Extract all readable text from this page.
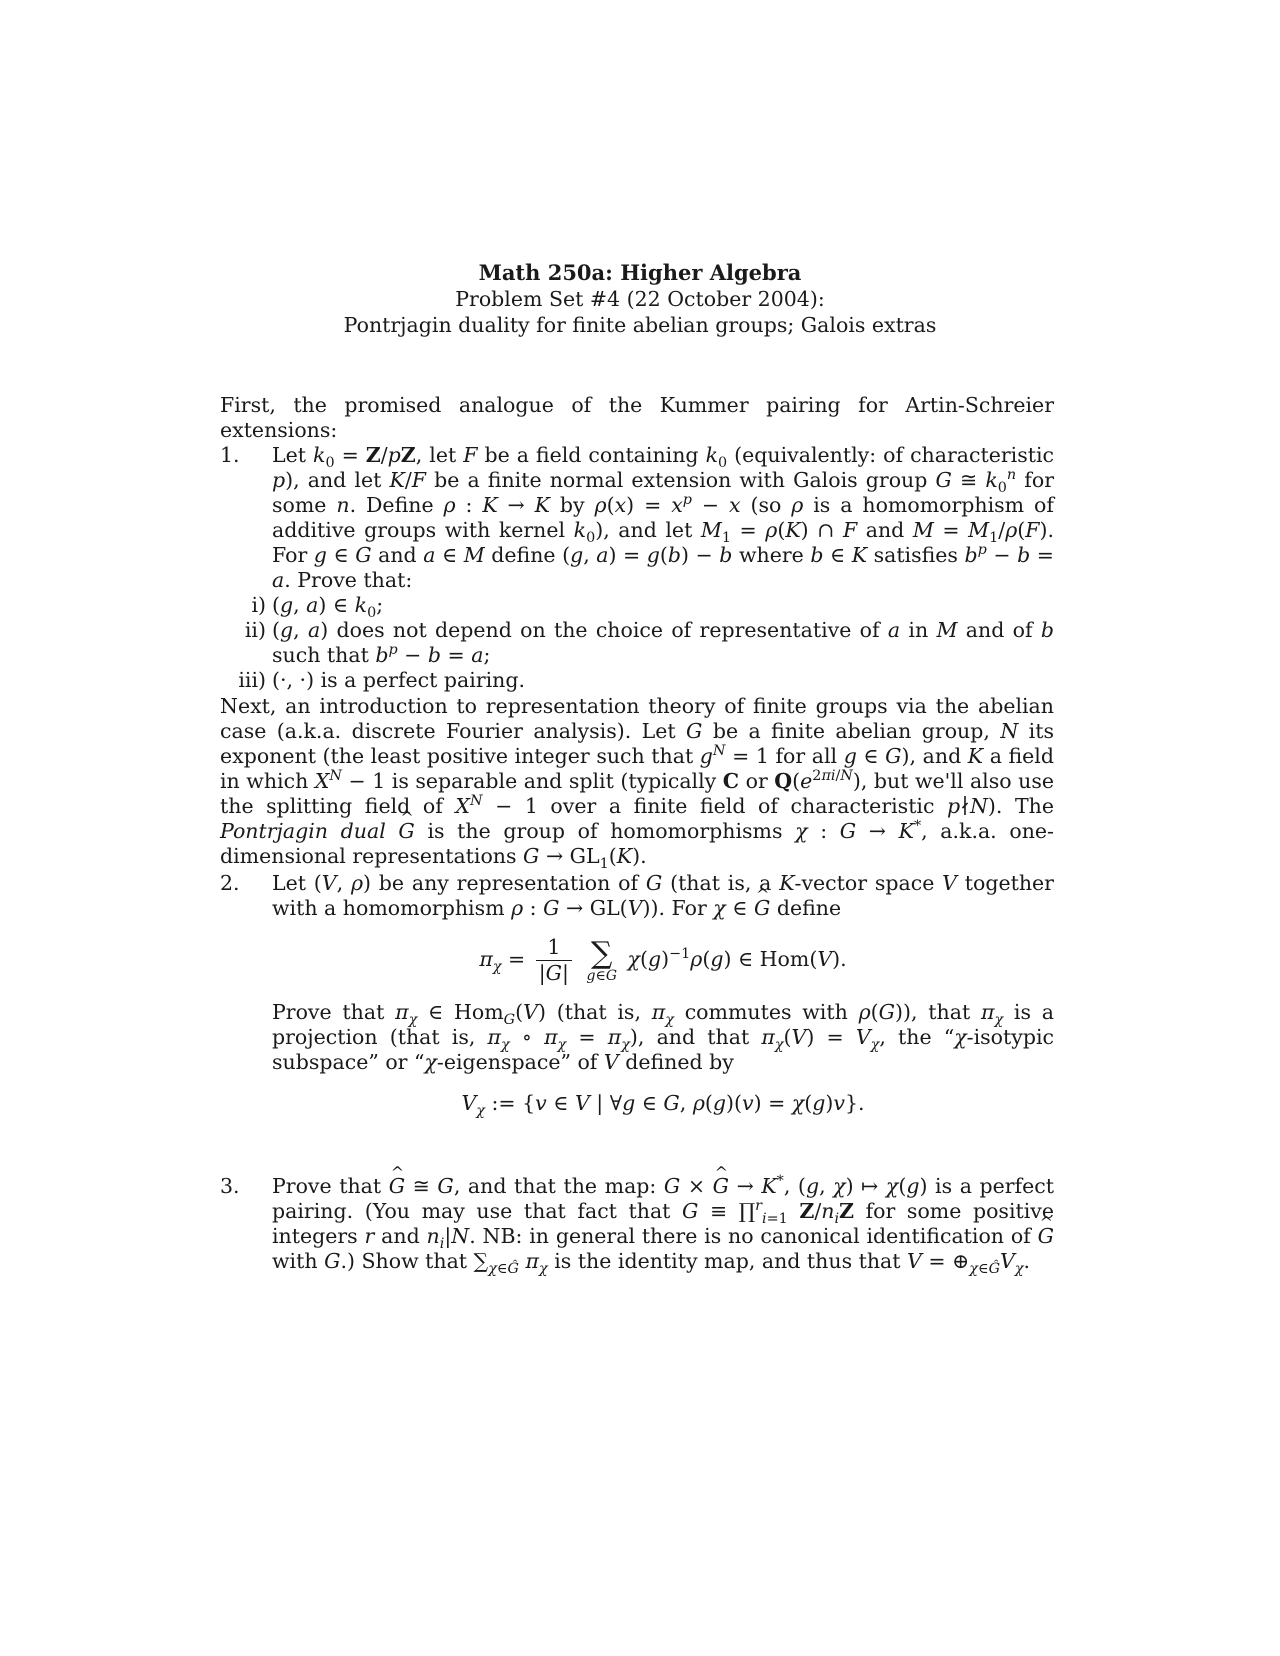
Math 250a: Higher Algebra

Problem Set #4 (22 October 2004):

Pontrjagin duality for finite abelian groups; Galois extras

First, the promised analogue of the Kummer pairing for Artin-Schreier extensions:

1. Let $k_0 = Z/pZ$, let F be a field containing $k_0$ (equivalently: of characteristic p), and let K/F be a finite normal extension with Galois group G ≅ $k_0^n$ for some n. Define ρ : K → K by $\rho(x) = x^p - x$ (so ρ is a homomorphism of additive groups with kernel $k_0$), and let $M_1 = \rho(K)$ ∩ F and $M = M_1/\rho(F)$. For g ∈ G and a ∈ M define (g, a) = g(b) − b where b ∈ K satisfies $b^p - b = a$. Prove that:
i) (g, a) ∈ $k_0$;
ii) (g, a) does not depend on the choice of representative of a in M and of b such that $b^p - b = a$;
iii) (·, ·) is a perfect pairing.

Next, an introduction to representation theory of finite groups via the abelian case (a.k.a. discrete Fourier analysis). Let G be a finite abelian group, N its exponent (the least positive integer such that $g^N = 1$ for all g ∈ G), and K a field in which $X^N - 1$ is separable and split (typically C or $Q(e^{2\pi i/N})$, but we'll also use the splitting field of $X^N - 1$ over a finite field of characteristic p∤N). The Pontrjagin dual ^ G is the group of homomorphisms χ : G → K*, a.k.a. one-dimensional representations $G \to GL_1(K)$.

2. Let (V, ρ) be any representation of G (that is, a K-vector space V together with a homomorphism ρ : G → GL(V)). For χ ∈ ^ G define

$\pi_\chi = \frac{1}{|G|}$
∑
g∈G
$\chi(g)^{-1}\rho(g)$ ∈ Hom(V).

Prove that $\pi_\chi$ ∈ Hom$_G$(V) (that is, $\pi_\chi$ commutes with ρ(G)), that $\pi_\chi$ is a projection (that is, $\pi_\chi$ ∘ $\pi_\chi = \pi_\chi$), and that $\pi_\chi(V) = V_\chi$, the “χ-isotypic subspace” or “χ-eigenspace” of V defined by

$V_\chi$ := {v ∈ V | ∀g ∈ G, ρ(g)(v) = χ(g)v}.

3. Prove that ^ G ≅ G, and that the map: G × ^ G → K*, (g, χ) ↦ χ(g) is a perfect pairing. (You may use that fact that G ≡ ∏$^r_{i=1}$ $Z/n_iZ$ for some positive integers r and $n_i|N$. NB: in general there is no canonical identification of ^ G with G.) Show that $\sum_{\chi\in Ĝ}$ $\pi_\chi$ is the identity map, and thus that $V = \oplus_{\chi\in Ĝ}V_\chi$.
